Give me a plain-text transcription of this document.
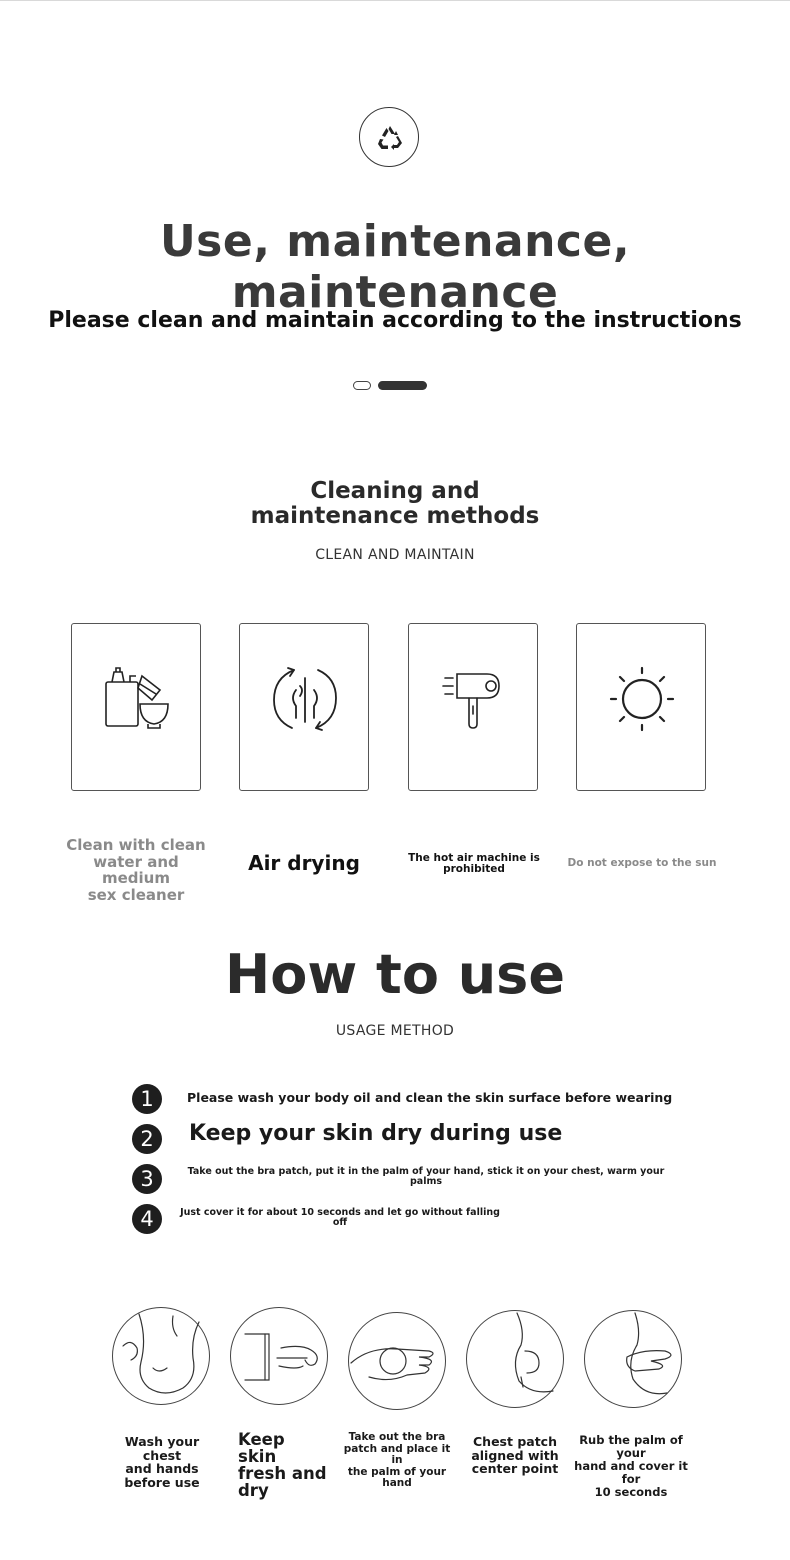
Use, maintenance, maintenance
Please clean and maintain according to the instructions
Cleaning and
maintenance methods
CLEAN AND MAINTAIN
Clean with clean
water and medium
sex cleaner
Air drying	The hot air machine is
prohibited	Do not expose to the sun
How to use
USAGE METHOD
1	Please wash your body oil and clean the skin surface before wearing
2	Keep your skin dry during use
3	Take out the bra patch, put it in the palm of your hand, stick it on your chest, warm your
palms
4	Just cover it for about 10 seconds and let go without falling
off
Wash your chest
and hands
before use
Keep skin
fresh and
dry
Take out the bra
patch and place it in
the palm of your
hand
Chest patch
aligned with
center point
Rub the palm of your
hand and cover it for
10 seconds
